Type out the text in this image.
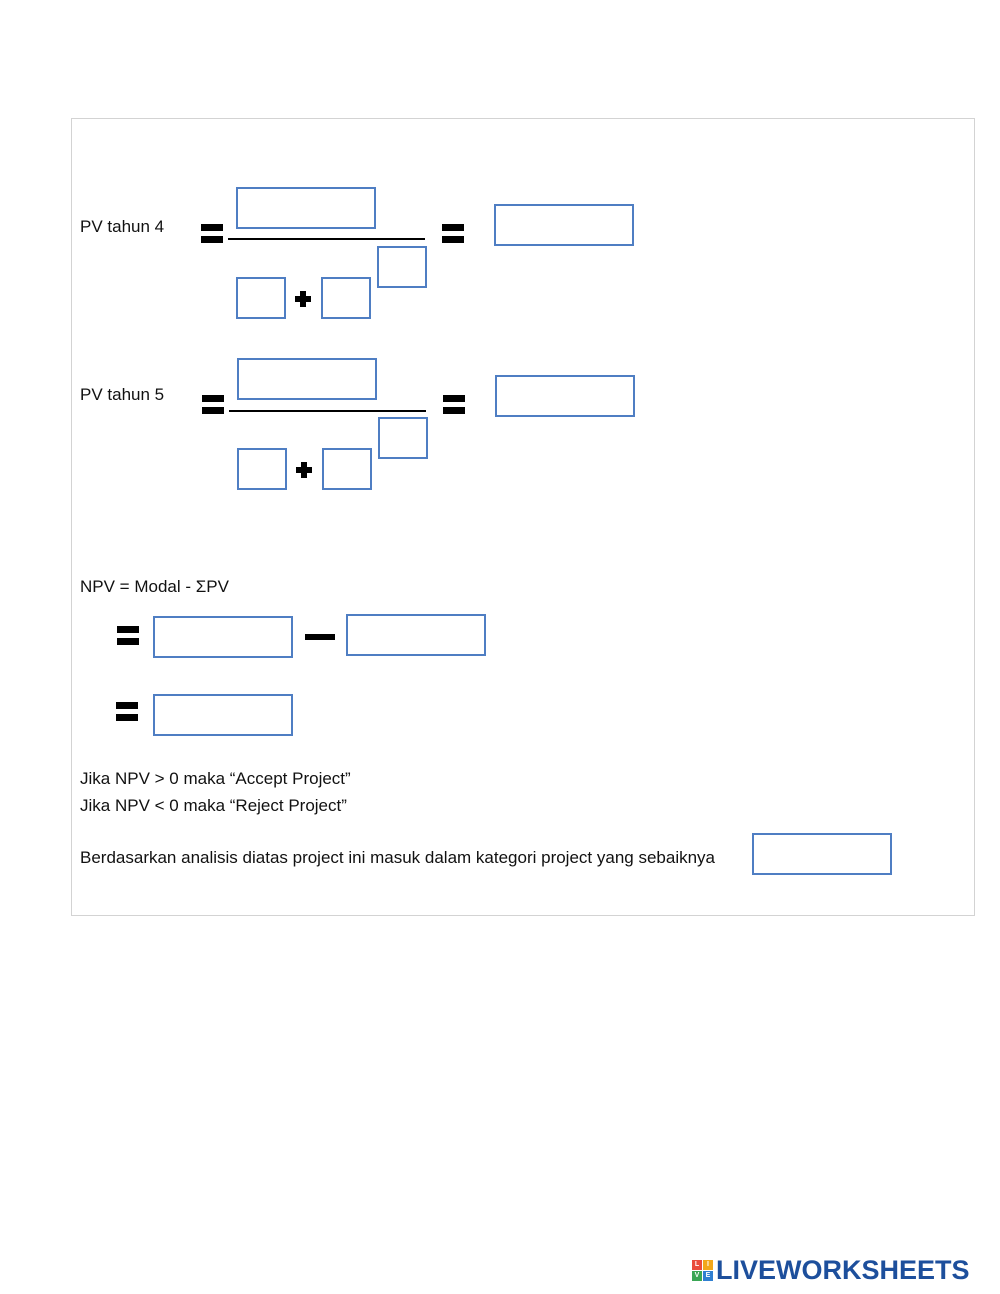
PV tahun 4
PV tahun 5
NPV = Modal - ΣPV
Jika NPV > 0 maka “Accept Project”
Jika NPV < 0 maka “Reject Project”
Berdasarkan analisis diatas project ini masuk dalam kategori project yang sebaiknya
L	I
V E LIVEWORKSHEETS
